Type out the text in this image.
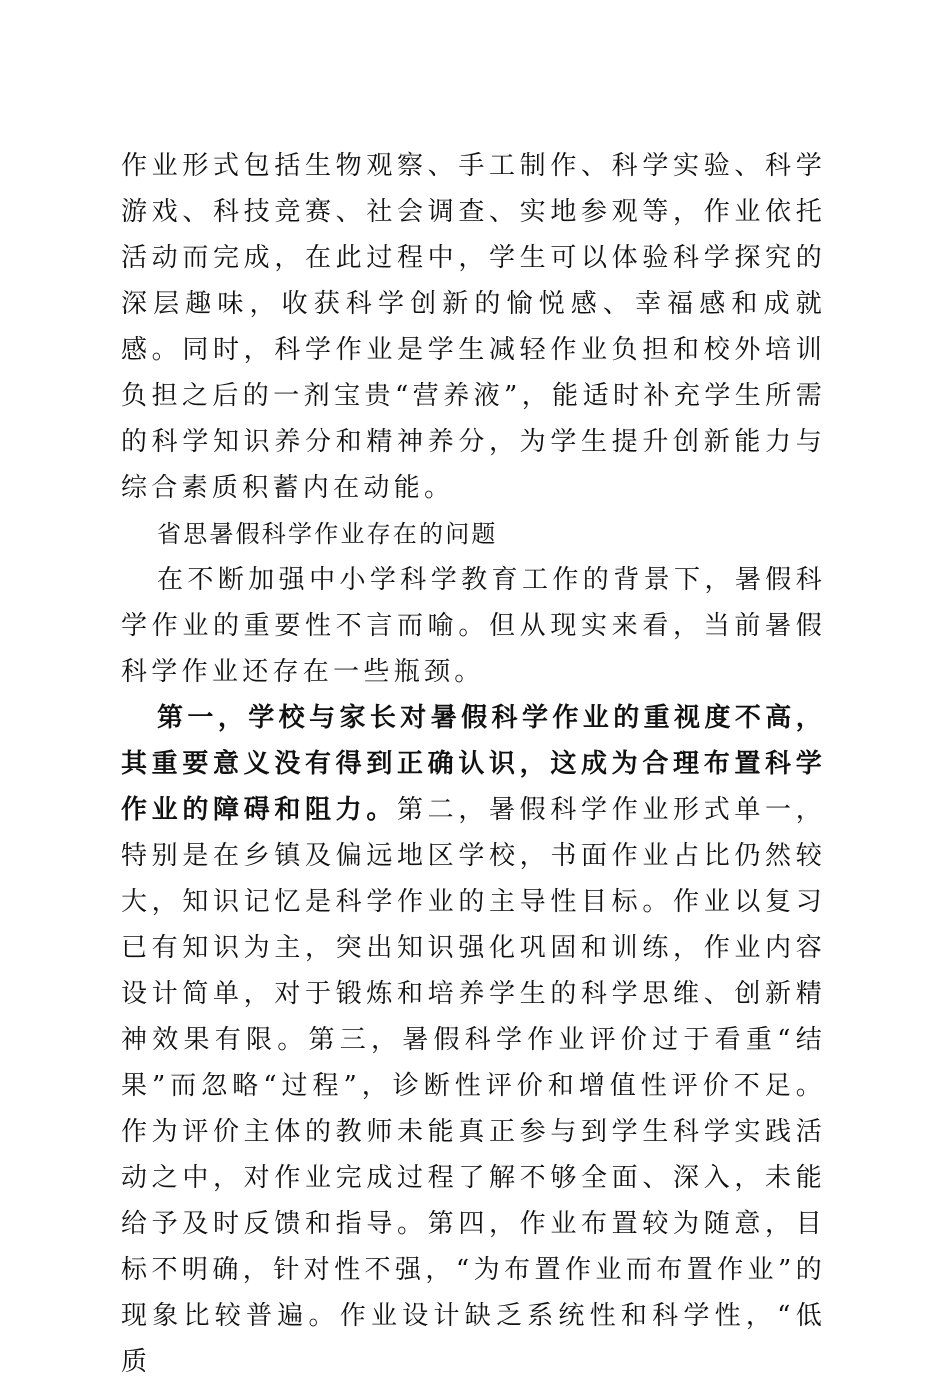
作业形式包括生物观察、手工制作、科学实验、科学游戏、科技竞赛、社会调查、实地参观等，作业依托活动而完成，在此过程中，学生可以体验科学探究的深层趣味，收获科学创新的愉悦感、幸福感和成就感。同时，科学作业是学生减轻作业负担和校外培训负担之后的一剂宝贵“营养液”，能适时补充学生所需的科学知识养分和精神养分，为学生提升创新能力与综合素质积蓄内在动能。

省思暑假科学作业存在的问题

在不断加强中小学科学教育工作的背景下，暑假科学作业的重要性不言而喻。但从现实来看，当前暑假科学作业还存在一些瓶颈。

第一，学校与家长对暑假科学作业的重视度不高，其重要意义没有得到正确认识，这成为合理布置科学作业的障碍和阻力。第二，暑假科学作业形式单一，特别是在乡镇及偏远地区学校，书面作业占比仍然较大，知识记忆是科学作业的主导性目标。作业以复习已有知识为主，突出知识强化巩固和训练，作业内容设计简单，对于锻炼和培养学生的科学思维、创新精神效果有限。第三，暑假科学作业评价过于看重“结果”而忽略“过程”，诊断性评价和增值性评价不足。作为评价主体的教师未能真正参与到学生科学实践活动之中，对作业完成过程了解不够全面、深入，未能给予及时反馈和指导。第四，作业布置较为随意，目标不明确，针对性不强，“为布置作业而布置作业”的现象比较普遍。作业设计缺乏系统性和科学性，“低质
